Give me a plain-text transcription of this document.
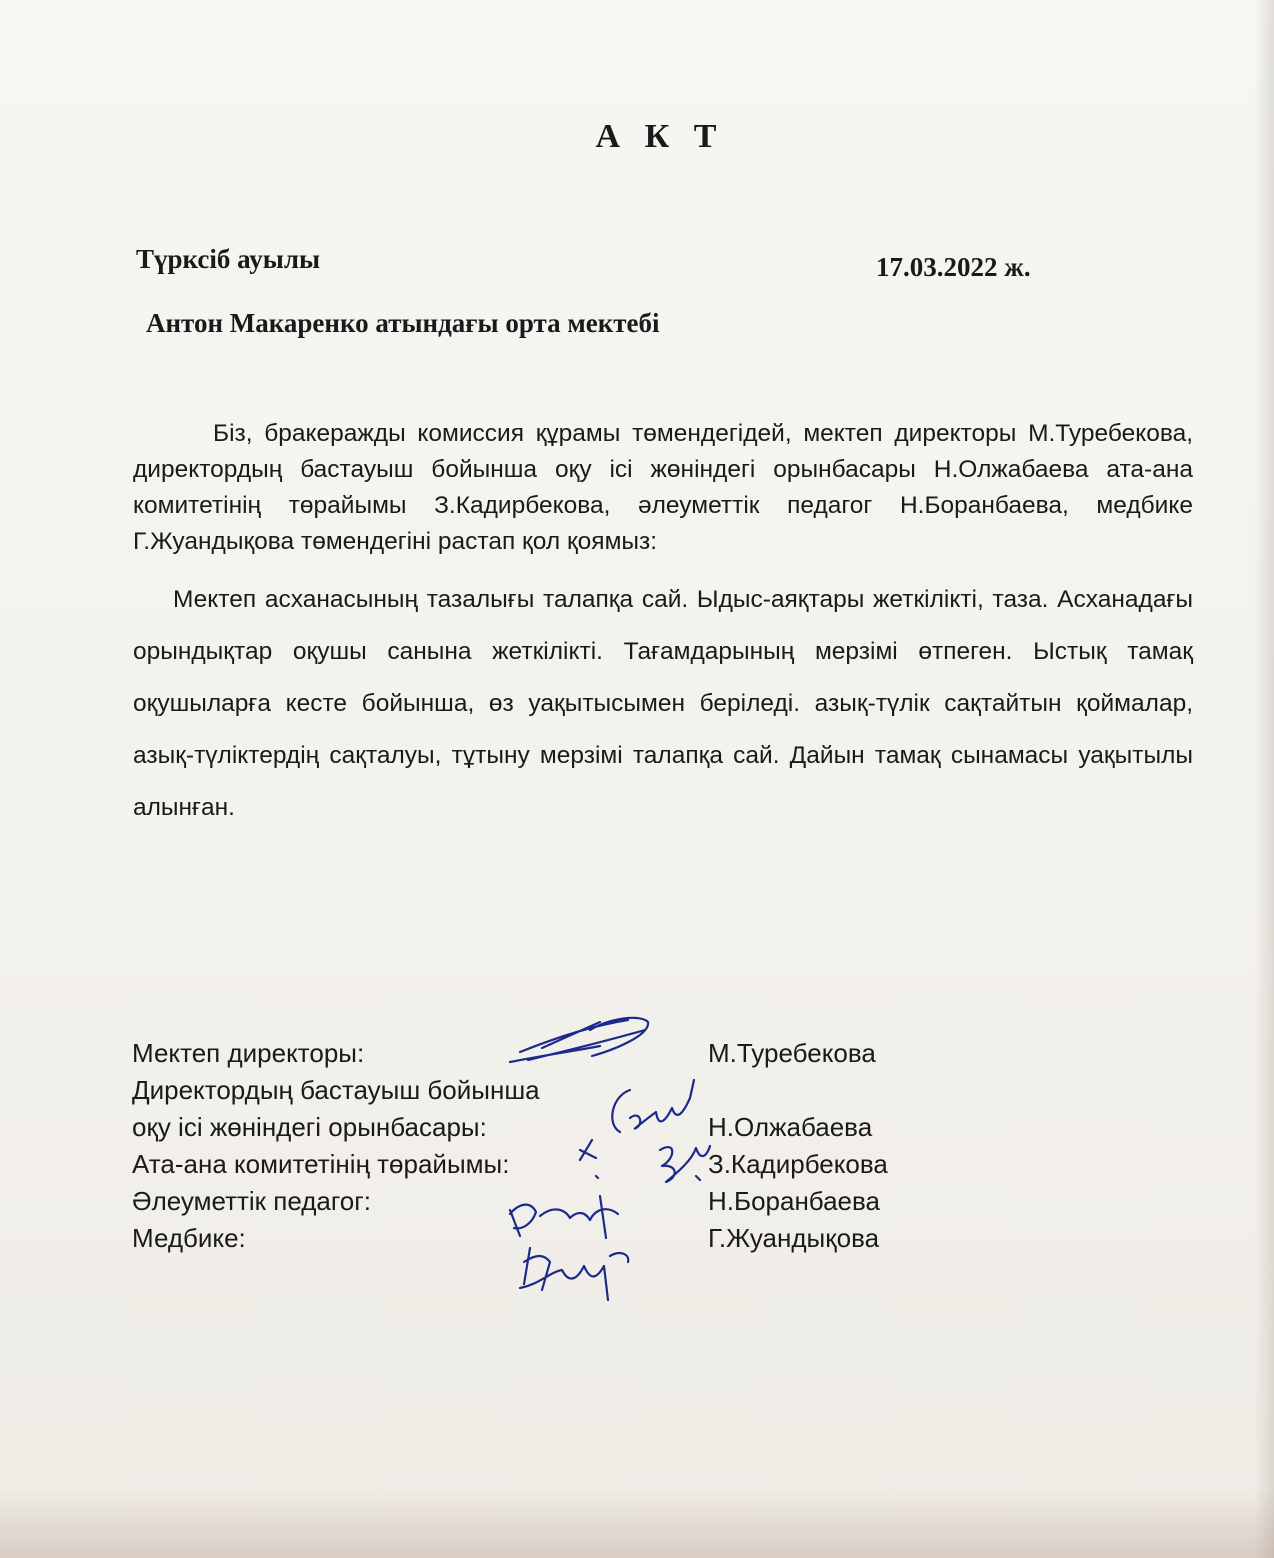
А К Т
Түрксіб ауылы	17.03.2022 ж.
Антон Макаренко атындағы орта мектебі
Біз, бракеражды комиссия құрамы төмендегідей, мектеп директоры М.Туребекова, директордың бастауыш бойынша оқу ісі жөніндегі орынбасары Н.Олжабаева ата-ана комитетінің төрайымы З.Кадирбекова, әлеуметтік педагог Н.Боранбаева, медбике Г.Жуандықова төмендегіні растап қол қоямыз:
Мектеп асханасының тазалығы талапқа сай. Ыдыс-аяқтары жеткілікті, таза. Асханадағы орындықтар оқушы санына жеткілікті. Тағамдарының мерзімі өтпеген. Ыстық тамақ оқушыларға кесте бойынша, өз уақытысымен беріледі. азық-түлік сақтайтын қоймалар, азық-түліктердің сақталуы, тұтыну мерзімі талапқа сай. Дайын тамақ сынамасы уақытылы алынған.
Мектеп директоры:	М.Туребекова
Директордың бастауыш бойынша
оқу ісі жөніндегі орынбасары:	Н.Олжабаева
Ата-ана комитетінің төрайымы:	З.Кадирбекова
Әлеуметтік педагог:	Н.Боранбаева
Медбике:	Г.Жуандықова
